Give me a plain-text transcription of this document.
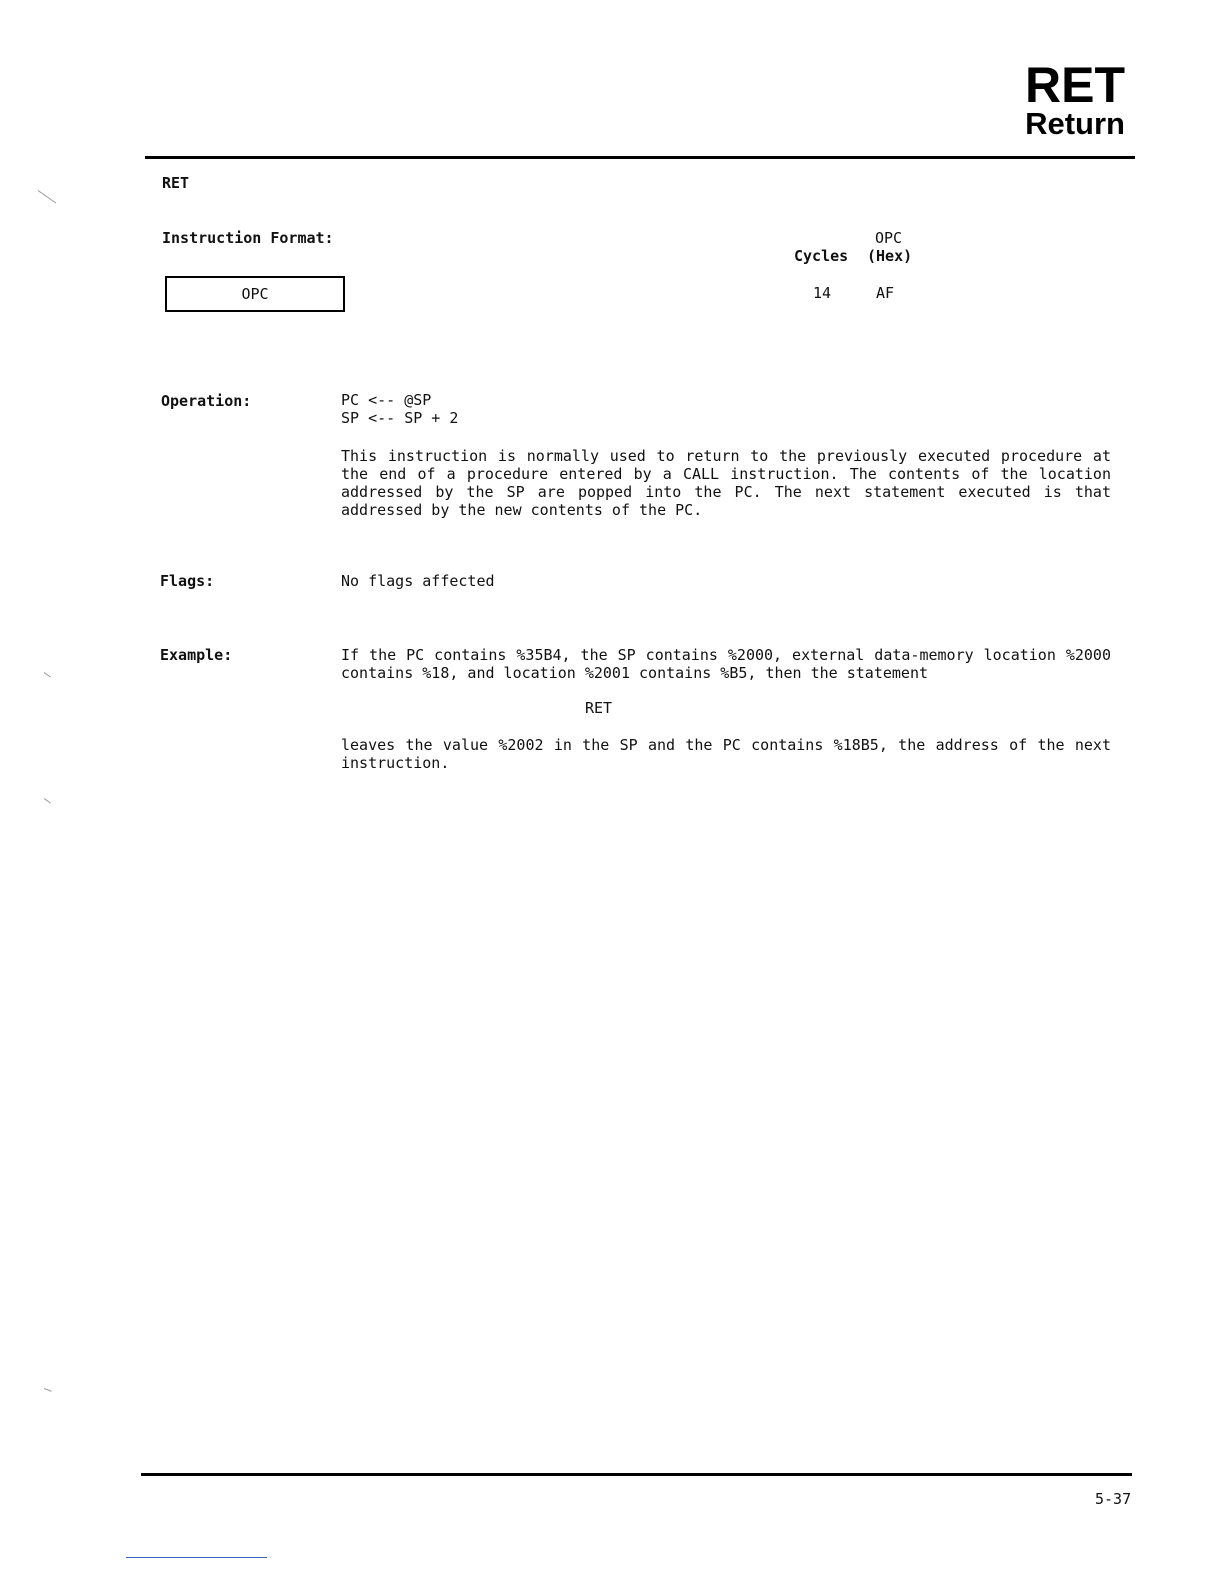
RET
Return
RET
Instruction Format:
OPC
OPC
Cycles (Hex)
14	AF
Operation:	PC <-- @SP
SP <-- SP + 2
This instruction is normally used to return to the previously executed procedure at the end of a procedure entered by a CALL instruction. The contents of the location addressed by the SP are popped into the PC. The next statement executed is that addressed by the new contents of the PC.
Flags:	No flags affected
Example:	If the PC contains %35B4, the SP contains %2000, external data-memory location %2000 contains %18, and location %2001 contains %B5, then the statement
RET
leaves the value %2002 in the SP and the PC contains %18B5, the address of the next instruction.
5-37
